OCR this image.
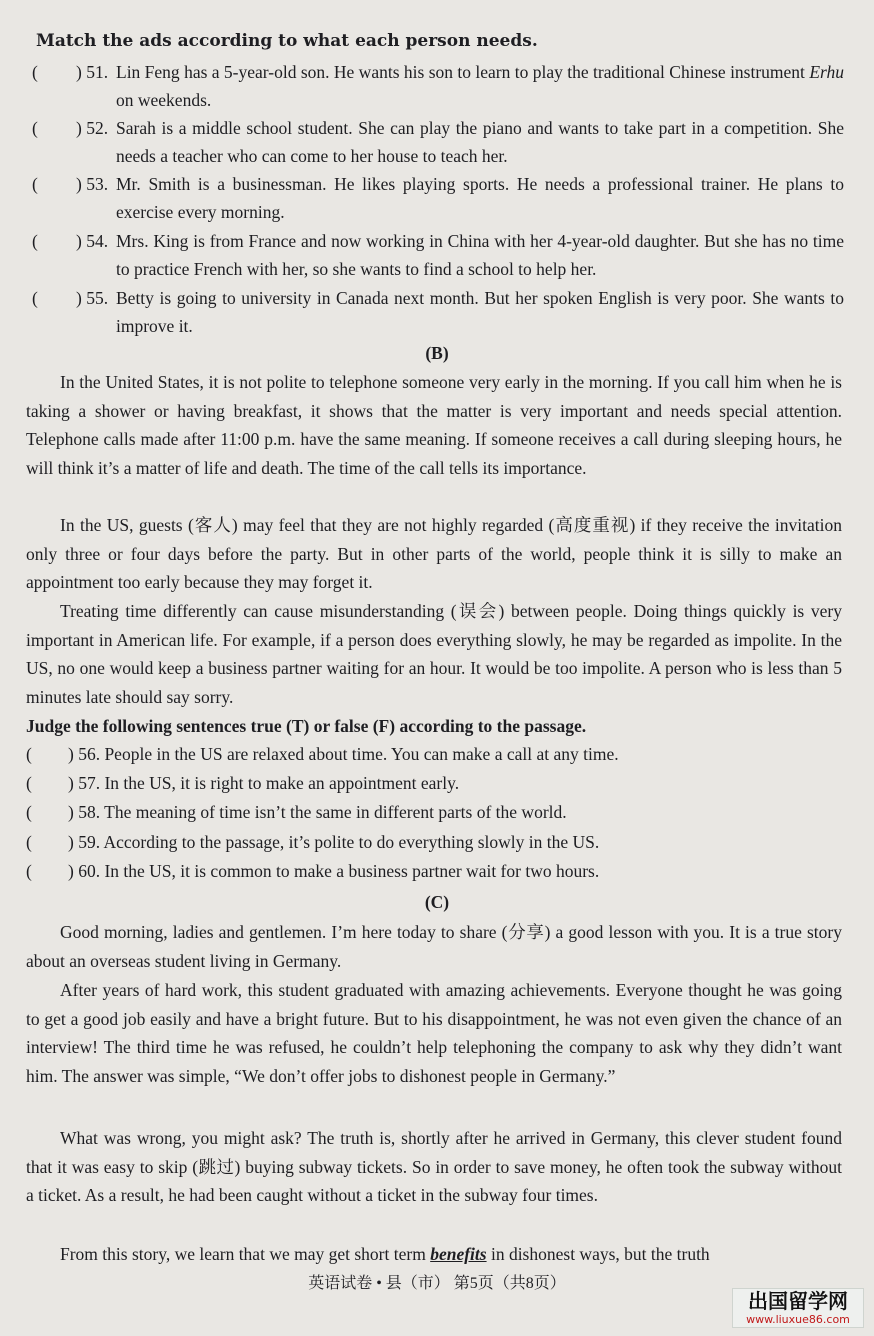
Match the ads according to what each person needs.
( ) 51. Lin Feng has a 5-year-old son. He wants his son to learn to play the traditional Chinese instrument Erhu on weekends.
( ) 52. Sarah is a middle school student. She can play the piano and wants to take part in a competition. She needs a teacher who can come to her house to teach her.
( ) 53. Mr. Smith is a businessman. He likes playing sports. He needs a professional trainer. He plans to exercise every morning.
( ) 54. Mrs. King is from France and now working in China with her 4-year-old daughter. But she has no time to practice French with her, so she wants to find a school to help her.
( ) 55. Betty is going to university in Canada next month. But her spoken English is very poor. She wants to improve it.
(B)
In the United States, it is not polite to telephone someone very early in the morning. If you call him when he is taking a shower or having breakfast, it shows that the matter is very important and needs special attention. Telephone calls made after 11:00 p.m. have the same meaning. If someone receives a call during sleeping hours, he will think it’s a matter of life and death. The time of the call tells its importance.
In the US, guests (客人) may feel that they are not highly regarded (高度重视) if they receive the invitation only three or four days before the party. But in other parts of the world, people think it is silly to make an appointment too early because they may forget it.
Treating time differently can cause misunderstanding (误会) between people. Doing things quickly is very important in American life. For example, if a person does everything slowly, he may be regarded as impolite. In the US, no one would keep a business partner waiting for an hour. It would be too impolite. A person who is less than 5 minutes late should say sorry.
Judge the following sentences true (T) or false (F) according to the passage.
( ) 56. People in the US are relaxed about time. You can make a call at any time.
( ) 57. In the US, it is right to make an appointment early.
( ) 58. The meaning of time isn’t the same in different parts of the world.
( ) 59. According to the passage, it’s polite to do everything slowly in the US.
( ) 60. In the US, it is common to make a business partner wait for two hours.
(C)
Good morning, ladies and gentlemen. I’m here today to share (分享) a good lesson with you. It is a true story about an overseas student living in Germany.
After years of hard work, this student graduated with amazing achievements. Everyone thought he was going to get a good job easily and have a bright future. But to his disappointment, he was not even given the chance of an interview! The third time he was refused, he couldn’t help telephoning the company to ask why they didn’t want him. The answer was simple, “We don’t offer jobs to dishonest people in Germany.”
What was wrong, you might ask? The truth is, shortly after he arrived in Germany, this clever student found that it was easy to skip (跳过) buying subway tickets. So in order to save money, he often took the subway without a ticket. As a result, he had been caught without a ticket in the subway four times.
From this story, we learn that we may get short term benefits in dishonest ways, but the truth
英语试卷 • 县（市） 第5页（共8页）
出国留学网
www.liuxue86.com
